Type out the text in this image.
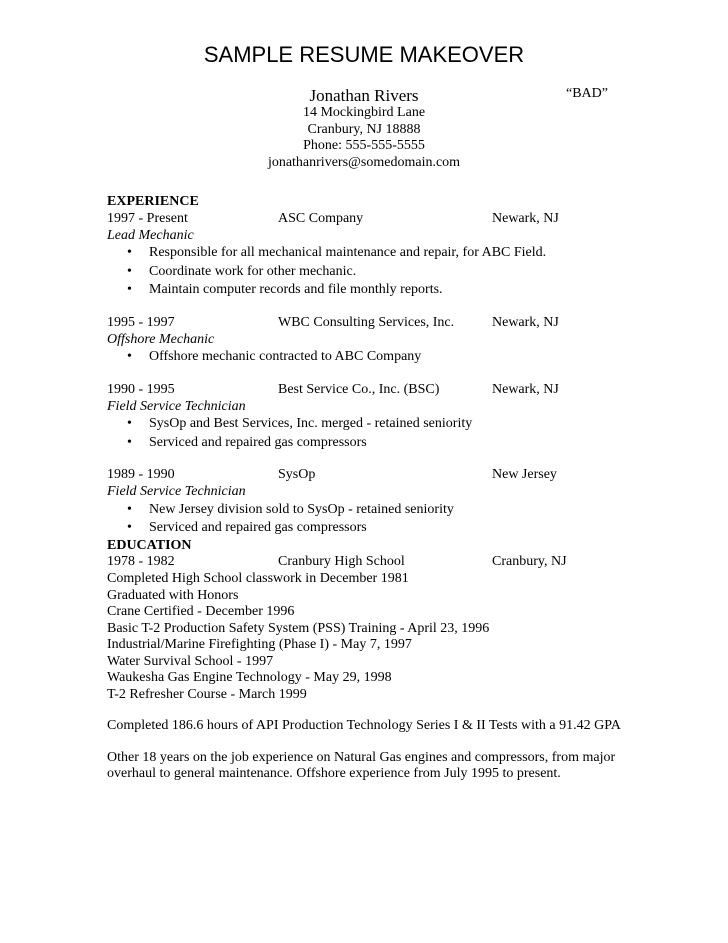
SAMPLE RESUME MAKEOVER
“BAD”
Jonathan Rivers
14 Mockingbird Lane
Cranbury, NJ 18888
Phone: 555-555-5555
jonathanrivers@somedomain.com
EXPERIENCE
1997 - Present	ASC Company	Newark, NJ
Lead Mechanic
• Responsible for all mechanical maintenance and repair, for ABC Field.
• Coordinate work for other mechanic.
• Maintain computer records and file monthly reports.
1995 - 1997	WBC Consulting Services, Inc.	Newark, NJ
Offshore Mechanic
• Offshore mechanic contracted to ABC Company
1990 - 1995	Best Service Co., Inc. (BSC)	Newark, NJ
Field Service Technician
• SysOp and Best Services, Inc. merged - retained seniority
• Serviced and repaired gas compressors
1989 - 1990	SysOp	New Jersey
Field Service Technician
• New Jersey division sold to SysOp - retained seniority
• Serviced and repaired gas compressors
EDUCATION
1978 - 1982	Cranbury High School	Cranbury, NJ
Completed High School classwork in December 1981
Graduated with Honors
Crane Certified - December 1996
Basic T-2 Production Safety System (PSS) Training - April 23, 1996
Industrial/Marine Firefighting (Phase I) - May 7, 1997
Water Survival School - 1997
Waukesha Gas Engine Technology - May 29, 1998
T-2 Refresher Course - March 1999

Completed 186.6 hours of API Production Technology Series I & II Tests with a 91.42 GPA

Other 18 years on the job experience on Natural Gas engines and compressors, from major overhaul to general maintenance. Offshore experience from July 1995 to present.
